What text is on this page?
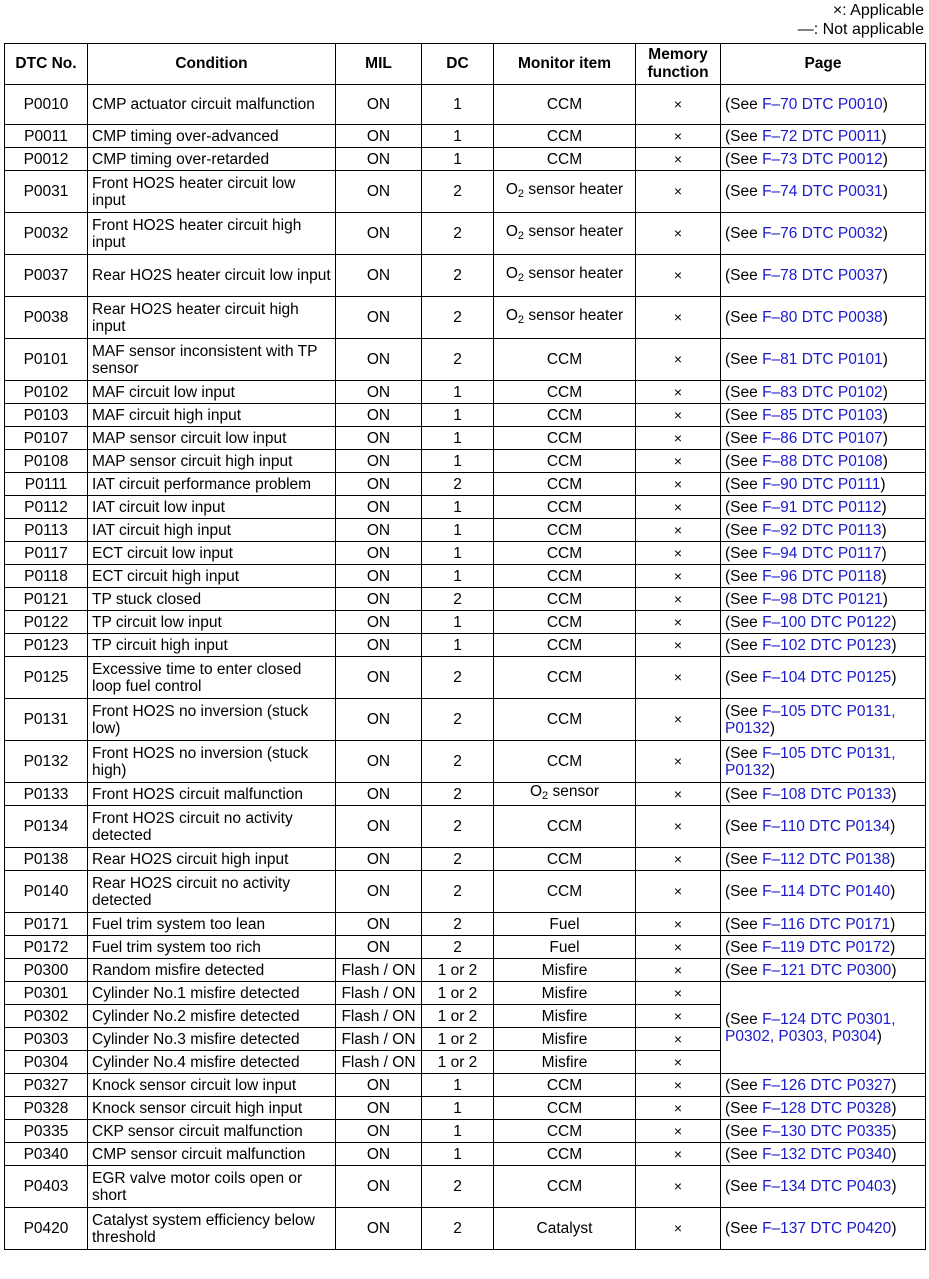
×: Applicable
—: Not applicable
DTC No.	Condition	MIL	DC	Monitor item	Memory function	Page
P0010	CMP actuator circuit malfunction	ON	1	CCM	×	(See F–70 DTC P0010)
P0011	CMP timing over-advanced	ON	1	CCM	×	(See F–72 DTC P0011)
P0012	CMP timing over-retarded	ON	1	CCM	×	(See F–73 DTC P0012)
P0031	Front HO2S heater circuit low input	ON	2	$O_2$ sensor heater	×	(See F–74 DTC P0031)
P0032	Front HO2S heater circuit high input	ON	2	$O_2$ sensor heater	×	(See F–76 DTC P0032)
P0037	Rear HO2S heater circuit low input	ON	2	$O_2$ sensor heater	×	(See F–78 DTC P0037)
P0038	Rear HO2S heater circuit high input	ON	2	$O_2$ sensor heater	×	(See F–80 DTC P0038)
P0101	MAF sensor inconsistent with TP sensor	ON	2	CCM	×	(See F–81 DTC P0101)
P0102	MAF circuit low input	ON	1	CCM	×	(See F–83 DTC P0102)
P0103	MAF circuit high input	ON	1	CCM	×	(See F–85 DTC P0103)
P0107	MAP sensor circuit low input	ON	1	CCM	×	(See F–86 DTC P0107)
P0108	MAP sensor circuit high input	ON	1	CCM	×	(See F–88 DTC P0108)
P0111	IAT circuit performance problem	ON	2	CCM	×	(See F–90 DTC P0111)
P0112	IAT circuit low input	ON	1	CCM	×	(See F–91 DTC P0112)
P0113	IAT circuit high input	ON	1	CCM	×	(See F–92 DTC P0113)
P0117	ECT circuit low input	ON	1	CCM	×	(See F–94 DTC P0117)
P0118	ECT circuit high input	ON	1	CCM	×	(See F–96 DTC P0118)
P0121	TP stuck closed	ON	2	CCM	×	(See F–98 DTC P0121)
P0122	TP circuit low input	ON	1	CCM	×	(See F–100 DTC P0122)
P0123	TP circuit high input	ON	1	CCM	×	(See F–102 DTC P0123)
P0125	Excessive time to enter closed loop fuel control	ON	2	CCM	×	(See F–104 DTC P0125)
P0131	Front HO2S no inversion (stuck low)	ON	2	CCM	×	(See F–105 DTC P0131, P0132)
P0132	Front HO2S no inversion (stuck high)	ON	2	CCM	×	(See F–105 DTC P0131, P0132)
P0133	Front HO2S circuit malfunction	ON	2	$O_2$ sensor	×	(See F–108 DTC P0133)
P0134	Front HO2S circuit no activity detected	ON	2	CCM	×	(See F–110 DTC P0134)
P0138	Rear HO2S circuit high input	ON	2	CCM	×	(See F–112 DTC P0138)
P0140	Rear HO2S circuit no activity detected	ON	2	CCM	×	(See F–114 DTC P0140)
P0171	Fuel trim system too lean	ON	2	Fuel	×	(See F–116 DTC P0171)
P0172	Fuel trim system too rich	ON	2	Fuel	×	(See F–119 DTC P0172)
P0300	Random misfire detected	Flash / ON	1 or 2	Misfire	×	(See F–121 DTC P0300)
P0301	Cylinder No.1 misfire detected	Flash / ON	1 or 2	Misfire	×	(See F–124 DTC P0301, P0302, P0303, P0304)
P0302	Cylinder No.2 misfire detected	Flash / ON	1 or 2	Misfire	×	
P0303	Cylinder No.3 misfire detected	Flash / ON	1 or 2	Misfire	×	
P0304	Cylinder No.4 misfire detected	Flash / ON	1 or 2	Misfire	×	
P0327	Knock sensor circuit low input	ON	1	CCM	×	(See F–126 DTC P0327)
P0328	Knock sensor circuit high input	ON	1	CCM	×	(See F–128 DTC P0328)
P0335	CKP sensor circuit malfunction	ON	1	CCM	×	(See F–130 DTC P0335)
P0340	CMP sensor circuit malfunction	ON	1	CCM	×	(See F–132 DTC P0340)
P0403	EGR valve motor coils open or short	ON	2	CCM	×	(See F–134 DTC P0403)
P0420	Catalyst system efficiency below threshold	ON	2	Catalyst	×	(See F–137 DTC P0420)
